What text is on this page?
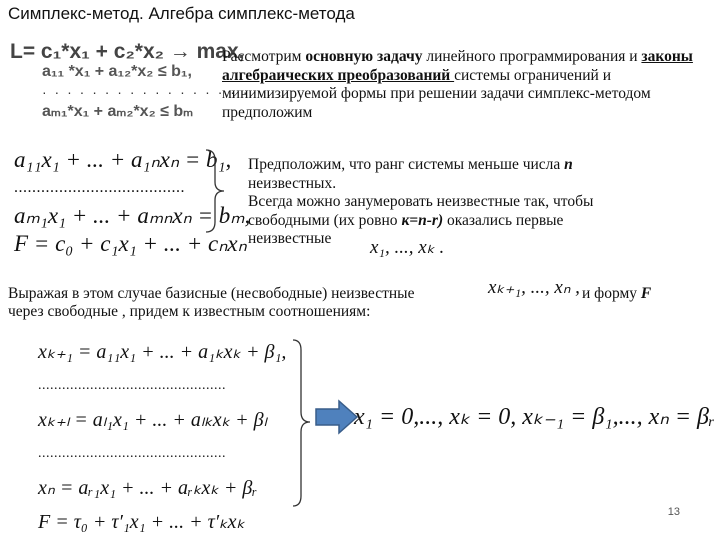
Симплекс-метод. Алгебра симплекс-метода
L= c₁*x₁ + c₂*x₂ → max,
a₁₁ *x₁ + a₁₂*x₂ ≤ b₁,
· · · · · · · · · · · · · · · · ·
aₘ₁*x₁ + aₘ₂*x₂ ≤ bₘ
Рассмотрим основную задачу линейного программирования и законы алгебраических преобразований системы ограничений и минимизируемой формы при решении задачи симплекс-методом предположим
a₁₁x₁ + ... + a₁ₙxₙ = b₁,
......................................
aₘ₁x₁ + ... + aₘₙxₙ = bₘ,
F = c₀ + c₁x₁ + ... + cₙxₙ
Предположим, что ранг системы меньше числа n
неизвестных.
Всегда можно занумеровать неизвестные так, чтобы
свободными (их ровно к=n-r) оказались первые
неизвестные	x₁, ..., xₖ .
Выражая в этом случае базисные (несвободные) неизвестные	xₖ₊₁, ..., xₙ , и форму F
через свободные , придем к известным соотношениям:
xₖ₊₁ = a₁₁x₁ + ... + a₁ₖxₖ + β₁,
...............................................
xₖ₊ₗ = aₗ₁x₁ + ... + aₗₖxₖ + βₗ
...............................................
xₙ = aᵣ₁x₁ + ... + aᵣₖxₖ + βᵣ
F = τ₀ + τ′₁x₁ + ... + τ′ₖxₖ
x₁ = 0,..., xₖ = 0, xₖ₋₁ = β₁,..., xₙ = βᵣ
13
